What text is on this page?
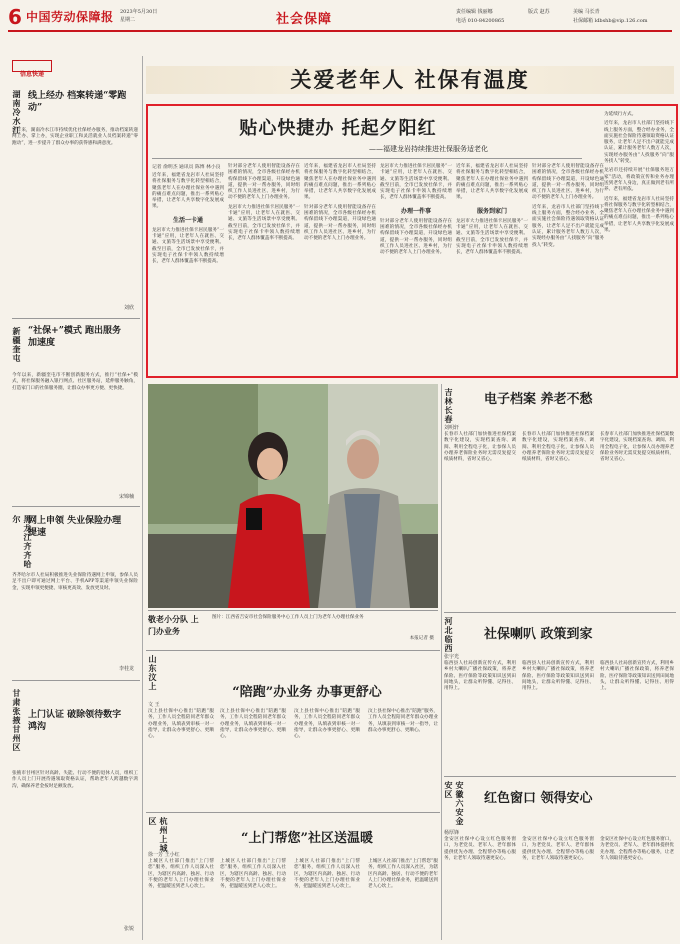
6 中国劳动保障报 2023年5月30日
星期二	社会保障	责任编辑 钱丽娜	版式 赵苏	美编 马长青
电话 010-84200865	社保邮箱 ldbshb@vip.126.com
信息快递
湖南冷水江 线上经办 档案转递“零跑动”
近年来，湖南冷水江市持续优化社保经办服务，推动档案转递网上办、掌上办，实现企业职工和灵活就业人员档案转递“零跑动”，进一步提升了群众办事的获得感和满意度。
刘欣
新疆奎屯 “社保+”模式 跑出服务加速度
今年以来，新疆奎屯市不断创新服务方式，推行“社保+”模式，将社保服务融入银行网点、社区服务站，延伸服务触角，打造家门口的社保服务圈，让群众办事更方便、更快捷。
宋锦楠
黑龙江齐齐哈尔 网上申领 失业保险办理提速
齐齐哈尔市人社局积极推进失业保险待遇网上申领，参保人员足不出户即可通过网上平台、手机APP等渠道申领失业保险金，实现申领更便捷、审核更高效、发放更及时。
李桂龙
甘肃张掖甘州区 上门认证 破除领待数字鸿沟
张掖市甘州区针对高龄、失能、行动不便的退休人员，组织工作人员上门开展待遇领取资格认证，帮助老年人跨越数字鸿沟，确保养老金按时足额发放。
张锐
关爱老年人 社保有温度
贴心快捷办 托起夕阳红
——福建龙岩持续推进社保服务适老化
记者 俞明杰 通讯员 陈博 林小良
近年来，福建省龙岩市人社局坚持将社保服务与数字化转型相结合，聚焦老年人在办理社保业务中遇到的痛点难点问题，推出一系列贴心举措，让老年人共享数字化发展成果。
生活一卡通
龙岩市大力推进社保卡居民服务“一卡通”应用，让老年人在就医、交通、文旅等生活场景中享受便利。截至目前，全市已发放社保卡，并实现电子社保卡申领人数持续增长，老年人群体覆盖率不断提高。
针对部分老年人使用智能设备存在困难的情况，全市各级社保经办机构保留线下办理渠道，开设绿色通道，提供一对一帮办服务，同时组织工作人员进社区、进乡村，为行动不便的老年人上门办理业务。
龙岩市大力推进社保卡居民服务“一卡通”应用，让老年人在就医、交通、文旅等生活场景中享受便利。截至目前，全市已发放社保卡，并实现电子社保卡申领人数持续增长，老年人群体覆盖率不断提高。
近年来，福建省龙岩市人社局坚持将社保服务与数字化转型相结合，聚焦老年人在办理社保业务中遇到的痛点难点问题，推出一系列贴心举措，让老年人共享数字化发展成果。
针对部分老年人使用智能设备存在困难的情况，全市各级社保经办机构保留线下办理渠道，开设绿色通道，提供一对一帮办服务，同时组织工作人员进社区、进乡村，为行动不便的老年人上门办理业务。
龙岩市大力推进社保卡居民服务“一卡通”应用，让老年人在就医、交通、文旅等生活场景中享受便利。截至目前，全市已发放社保卡，并实现电子社保卡申领人数持续增长，老年人群体覆盖率不断提高。
办理一件事
针对部分老年人使用智能设备存在困难的情况，全市各级社保经办机构保留线下办理渠道，开设绿色通道，提供一对一帮办服务，同时组织工作人员进社区、进乡村，为行动不便的老年人上门办理业务。
近年来，福建省龙岩市人社局坚持将社保服务与数字化转型相结合，聚焦老年人在办理社保业务中遇到的痛点难点问题，推出一系列贴心举措，让老年人共享数字化发展成果。
服务到家门
龙岩市大力推进社保卡居民服务“一卡通”应用，让老年人在就医、交通、文旅等生活场景中享受便利。截至目前，全市已发放社保卡，并实现电子社保卡申领人数持续增长，老年人群体覆盖率不断提高。
针对部分老年人使用智能设备存在困难的情况，全市各级社保经办机构保留线下办理渠道，开设绿色通道，提供一对一帮办服务，同时组织工作人员进社区、进乡村，为行动不便的老年人上门办理业务。
近年来，龙岩市人社部门坚持线下线上服务方面，整合经办业务，全面实施社会保险待遇领取资格认证服务，让老年人足不出户就能完成认证，累计服务老年人数万人次，实现经办服务由“人找服务”向“服务找人”转变。
为延续行方式。
近年来，龙岩市人社部门坚持线下线上服务方面，整合经办业务，全面实施社会保险待遇领取资格认证服务，让老年人足不出户就能完成认证，累计服务老年人数万人次，实现经办服务由“人找服务”向“服务找人”转变。
龙岩市还持续开展“社保服务进万家”活动，将政策宣传和业务办理送到老年人身边，真正做到老有所养、老有所依。
近年来，福建省龙岩市人社局坚持将社保服务与数字化转型相结合，聚焦老年人在办理社保业务中遇到的痛点难点问题，推出一系列贴心举措，让老年人共享数字化发展成果。
敬老小分队 上门办业务
图片：江西省吉安市社会保险服务中心工作人员上门为老年人办理社保业务
本报记者 摄
吉林长春 电子档案 养老不愁
刘明轩
长春市人社部门加快推进社保档案数字化建设，实现档案查询、调阅、利用全程电子化，让参保人员办理养老保险业务时无需反复提交纸质材料，省时又省心。
长春市人社部门加快推进社保档案数字化建设，实现档案查询、调阅、利用全程电子化，让参保人员办理养老保险业务时无需反复提交纸质材料，省时又省心。
长春市人社部门加快推进社保档案数字化建设，实现档案查询、调阅、利用全程电子化，让参保人员办理养老保险业务时无需反复提交纸质材料，省时又省心。
山东汶上
“陪跑”办业务 办事更舒心
文 王
汶上县社保中心推出“陪跑”服务，工作人员全程陪同老年群众办理业务，从填表到审核一对一指导，让群众办事更舒心、更顺心。
汶上县社保中心推出“陪跑”服务，工作人员全程陪同老年群众办理业务，从填表到审核一对一指导，让群众办事更舒心、更顺心。
汶上县社保中心推出“陪跑”服务，工作人员全程陪同老年群众办理业务，从填表到审核一对一指导，让群众办事更舒心、更顺心。
汶上县社保中心推出“陪跑”服务，工作人员全程陪同老年群众办理业务，从填表到审核一对一指导，让群众办事更舒心、更顺心。
杭州上城区
“上门帮您”社区送温暖
徐一芳 王小红
上城区人社部门推出“上门帮您”服务，组织工作人员深入社区，为辖区内高龄、独居、行动不便的老年人上门办理社保业务，把温暖送到老人心坎上。
上城区人社部门推出“上门帮您”服务，组织工作人员深入社区，为辖区内高龄、独居、行动不便的老年人上门办理社保业务，把温暖送到老人心坎上。
上城区人社部门推出“上门帮您”服务，组织工作人员深入社区，为辖区内高龄、独居、行动不便的老年人上门办理社保业务，把温暖送到老人心坎上。
上城区人社部门推出“上门帮您”服务，组织工作人员深入社区，为辖区内高龄、独居、行动不便的老年人上门办理社保业务，把温暖送到老人心坎上。
河北临西 社保喇叭 政策到家
张宇光
临西县人社局创新宣传方式，利用乡村大喇叭广播社保政策，将养老保险、医疗保险等政策知识送到田间地头，让群众听得懂、记得住、用得上。
临西县人社局创新宣传方式，利用乡村大喇叭广播社保政策，将养老保险、医疗保险等政策知识送到田间地头，让群众听得懂、记得住、用得上。
临西县人社局创新宣传方式，利用乡村大喇叭广播社保政策，将养老保险、医疗保险等政策知识送到田间地头，让群众听得懂、记得住、用得上。
安徽六安金安区	红色窗口 领得安心
杨厚锋
金安区社保中心设立红色服务窗口，为老党员、老军人、老年群体提供优先办理、全程帮办等贴心服务，让老年人领取待遇更安心。
金安区社保中心设立红色服务窗口，为老党员、老军人、老年群体提供优先办理、全程帮办等贴心服务，让老年人领取待遇更安心。
金安区社保中心设立红色服务窗口，为老党员、老军人、老年群体提供优先办理、全程帮办等贴心服务，让老年人领取待遇更安心。
